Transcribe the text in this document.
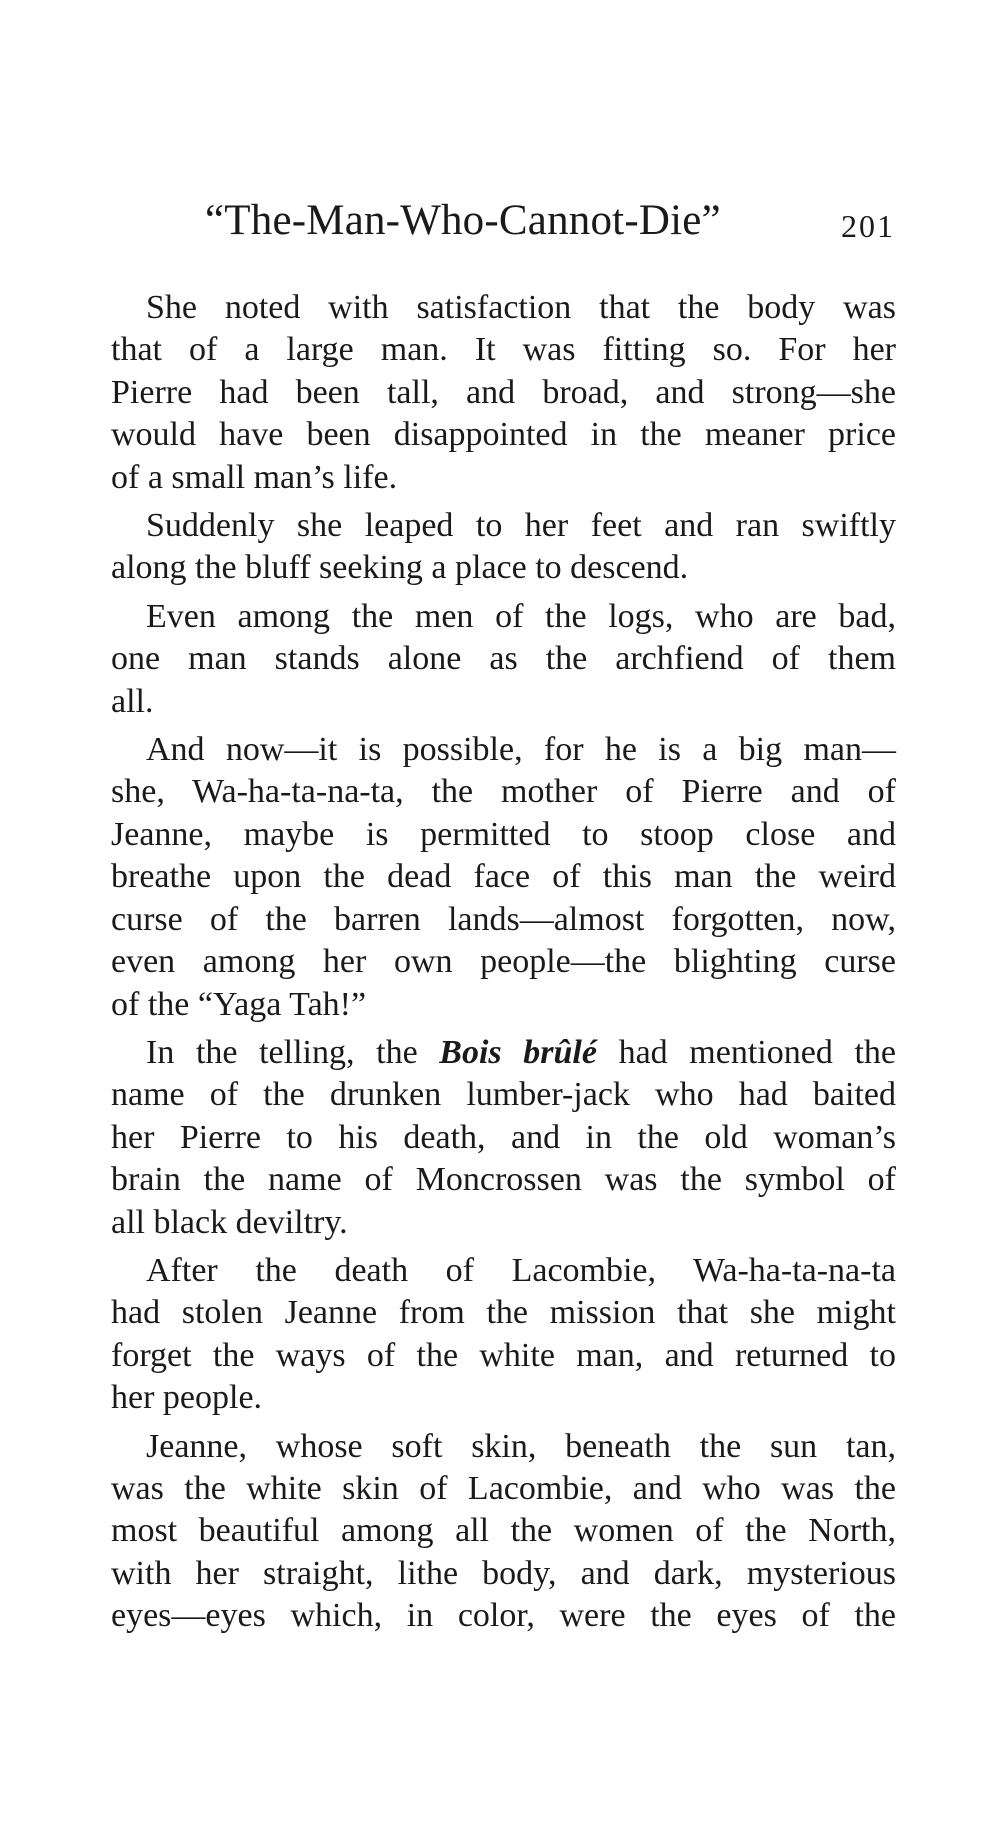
“The-Man-Who-Cannot-Die”	201

She noted with satisfaction that the body was
that of a large man. It was fitting so. For her
Pierre had been tall, and broad, and strong—she
would have been disappointed in the meaner price
of a small man’s life.

Suddenly she leaped to her feet and ran swiftly
along the bluff seeking a place to descend.

Even among the men of the logs, who are bad,
one man stands alone as the archfiend of them
all.

And now—it is possible, for he is a big man—
she, Wa-ha-ta-na-ta, the mother of Pierre and of
Jeanne, maybe is permitted to stoop close and
breathe upon the dead face of this man the weird
curse of the barren lands—almost forgotten, now,
even among her own people—the blighting curse
of the “Yaga Tah!”

In the telling, the Bois brûlé had mentioned the
name of the drunken lumber-jack who had baited
her Pierre to his death, and in the old woman’s
brain the name of Moncrossen was the symbol of
all black deviltry.

After the death of Lacombie, Wa-ha-ta-na-ta
had stolen Jeanne from the mission that she might
forget the ways of the white man, and returned to
her people.

Jeanne, whose soft skin, beneath the sun tan,
was the white skin of Lacombie, and who was the
most beautiful among all the women of the North,
with her straight, lithe body, and dark, mysterious
eyes—eyes which, in color, were the eyes of the
